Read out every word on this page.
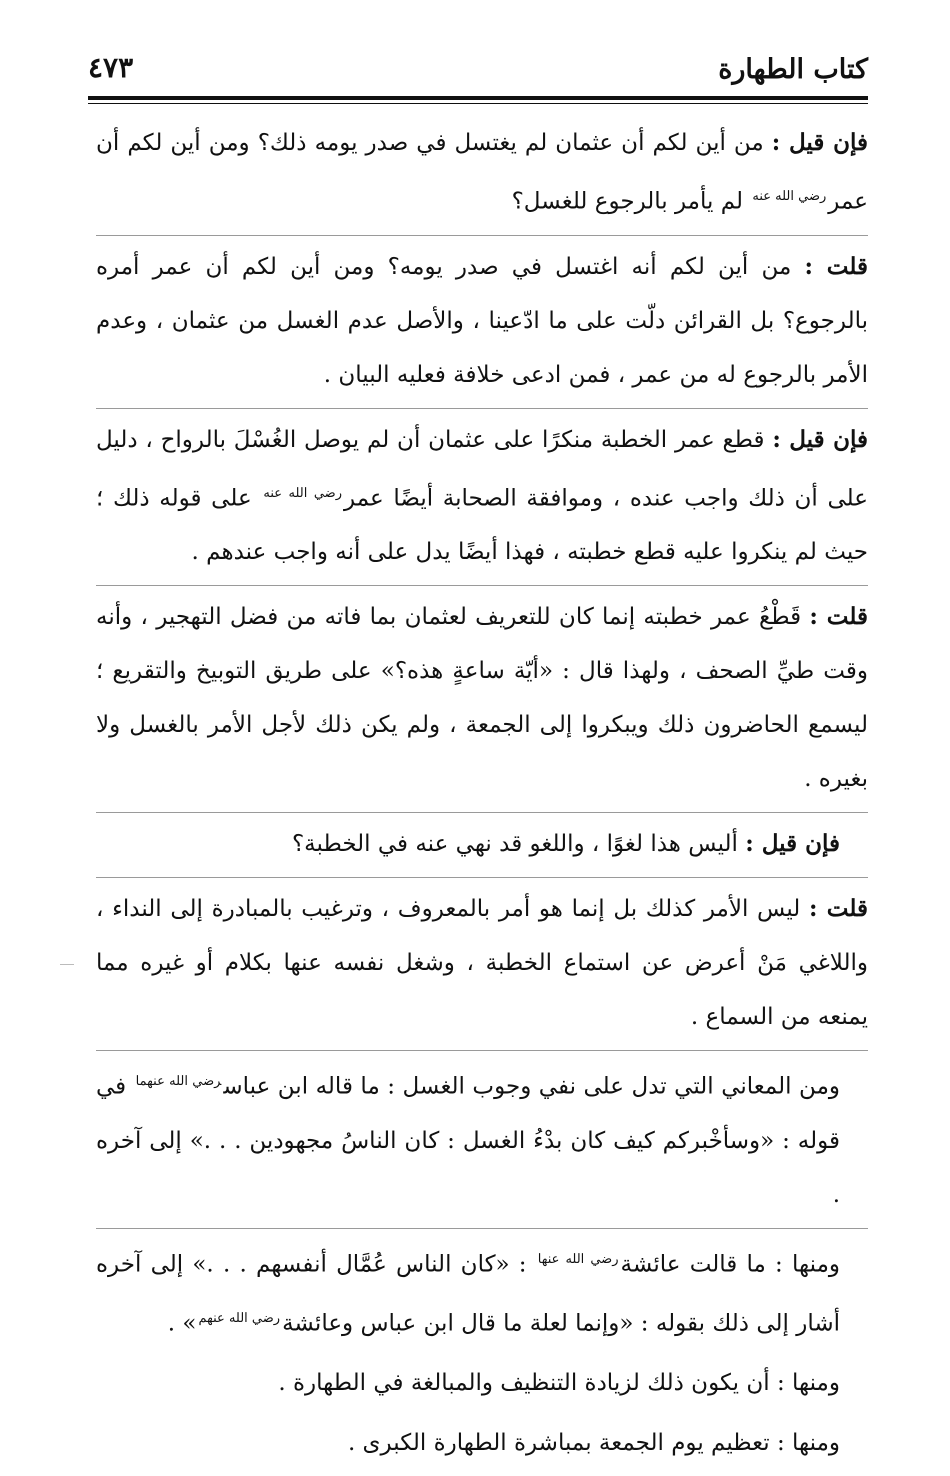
كتاب الطهارة
٤٧٣

فإن قيل : من أين لكم أن عثمان لم يغتسل في صدر يومه ذلك؟ ومن أين لكم أن عمر$^{رضي الله عنه}$ لم يأمر بالرجوع للغسل؟

قلت : من أين لكم أنه اغتسل في صدر يومه؟ ومن أين لكم أن عمر أمره بالرجوع؟ بل القرائن دلّت على ما ادّعينا ، والأصل عدم الغسل من عثمان ، وعدم الأمر بالرجوع له من عمر ، فمن ادعى خلافة فعليه البيان .

فإن قيل : قطع عمر الخطبة منكرًا على عثمان أن لم يوصل الغُسْلَ بالرواح ، دليل على أن ذلك واجب عنده ، وموافقة الصحابة أيضًا عمر$^{رضي الله عنه}$ على قوله ذلك ؛ حيث لم ينكروا عليه قطع خطبته ، فهذا أيضًا يدل على أنه واجب عندهم .

قلت : قَطْعُ عمر خطبته إنما كان للتعريف لعثمان بما فاته من فضل التهجير ، وأنه وقت طيِّ الصحف ، ولهذا قال : «أيّة ساعةٍ هذه؟» على طريق التوبيخ والتقريع ؛ ليسمع الحاضرون ذلك ويبكروا إلى الجمعة ، ولم يكن ذلك لأجل الأمر بالغسل ولا بغيره .

فإن قيل : أليس هذا لغوًا ، واللغو قد نهي عنه في الخطبة؟

قلت : ليس الأمر كذلك بل إنما هو أمر بالمعروف ، وترغيب بالمبادرة إلى النداء ، واللاغي مَنْ أعرض عن استماع الخطبة ، وشغل نفسه عنها بكلام أو غيره مما يمنعه من السماع .

ومن المعاني التي تدل على نفي وجوب الغسل : ما قاله ابن عباس$^{رضي الله عنهما}$ في قوله : «وسأخْبركم كيف كان بدْءُ الغسل : كان الناسُ مجهودين . . .» إلى آخره .

ومنها : ما قالت عائشة$^{رضي الله عنها}$ : «كان الناس عُمَّال أنفسهم . . .» إلى آخره أشار إلى ذلك بقوله : «وإنما لعلة ما قال ابن عباس وعائشة$^{رضي الله عنهم}$» .

ومنها : أن يكون ذلك لزيادة التنظيف والمبالغة في الطهارة .

ومنها : تعظيم يوم الجمعة بمباشرة الطهارة الكبرى .
